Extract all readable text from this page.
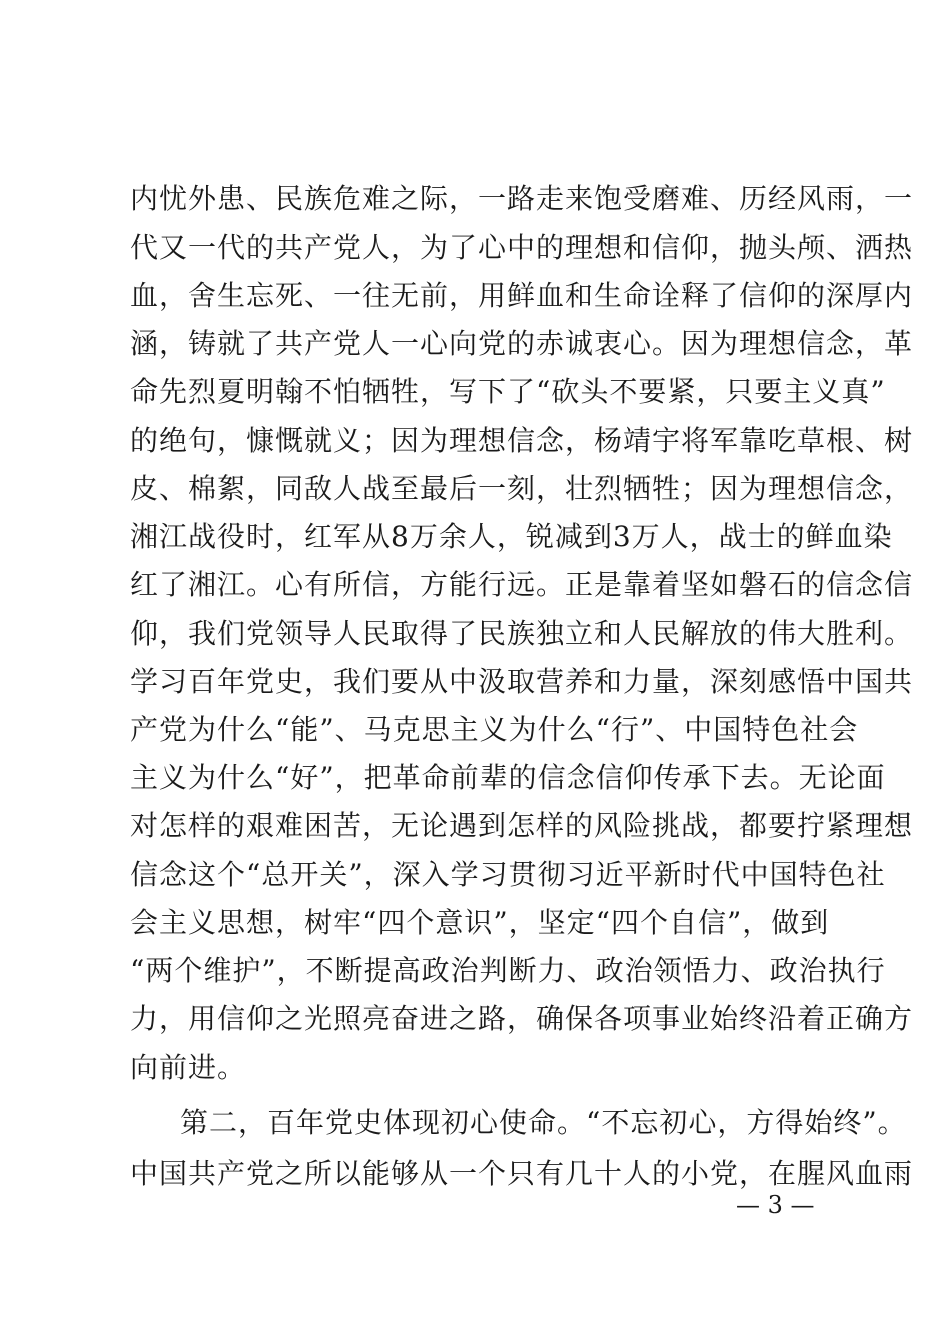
内忧外患、民族危难之际，一路走来饱受磨难、历经风雨，一
代又一代的共产党人，为了心中的理想和信仰，抛头颅、洒热
血，舍生忘死、一往无前，用鲜血和生命诠释了信仰的深厚内
涵，铸就了共产党人一心向党的赤诚衷心。因为理想信念，革
命先烈夏明翰不怕牺牲，写下了“砍头不要紧，只要主义真”
的绝句，慷慨就义；因为理想信念，杨靖宇将军靠吃草根、树
皮、棉絮，同敌人战至最后一刻，壮烈牺牲；因为理想信念，
湘江战役时，红军从8万余人，锐减到3万人，战士的鲜血染
红了湘江。心有所信，方能行远。正是靠着坚如磐石的信念信
仰，我们党领导人民取得了民族独立和人民解放的伟大胜利。
学习百年党史，我们要从中汲取营养和力量，深刻感悟中国共
产党为什么“能”、马克思主义为什么“行”、中国特色社会
主义为什么“好”，把革命前辈的信念信仰传承下去。无论面
对怎样的艰难困苦，无论遇到怎样的风险挑战，都要拧紧理想
信念这个“总开关”，深入学习贯彻习近平新时代中国特色社
会主义思想，树牢“四个意识”，坚定“四个自信”，做到
“两个维护”，不断提高政治判断力、政治领悟力、政治执行
力，用信仰之光照亮奋进之路，确保各项事业始终沿着正确方
向前进。
第二，百年党史体现初心使命。“不忘初心，方得始终”。
中国共产党之所以能够从一个只有几十人的小党，在腥风血雨
— 3 —
